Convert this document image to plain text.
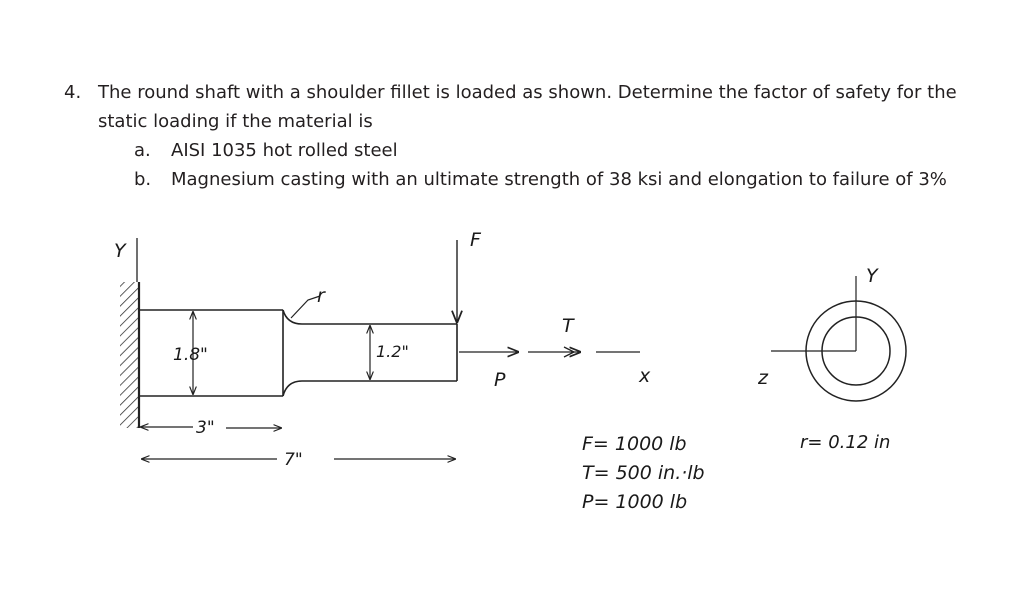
4. The round shaft with a shoulder fillet is loaded as shown. Determine the factor of safety for the
static loading if the material is
a. AISI 1035 hot rolled steel
b. Magnesium casting with an ultimate strength of 38 ksi and elongation to failure of 3%
Y
r
1.8"	1.2"
F
P
T
x
3"
7"
Y
z
F= 1000 lb
T= 500 in.·lb
P= 1000 lb
r= 0.12 in
